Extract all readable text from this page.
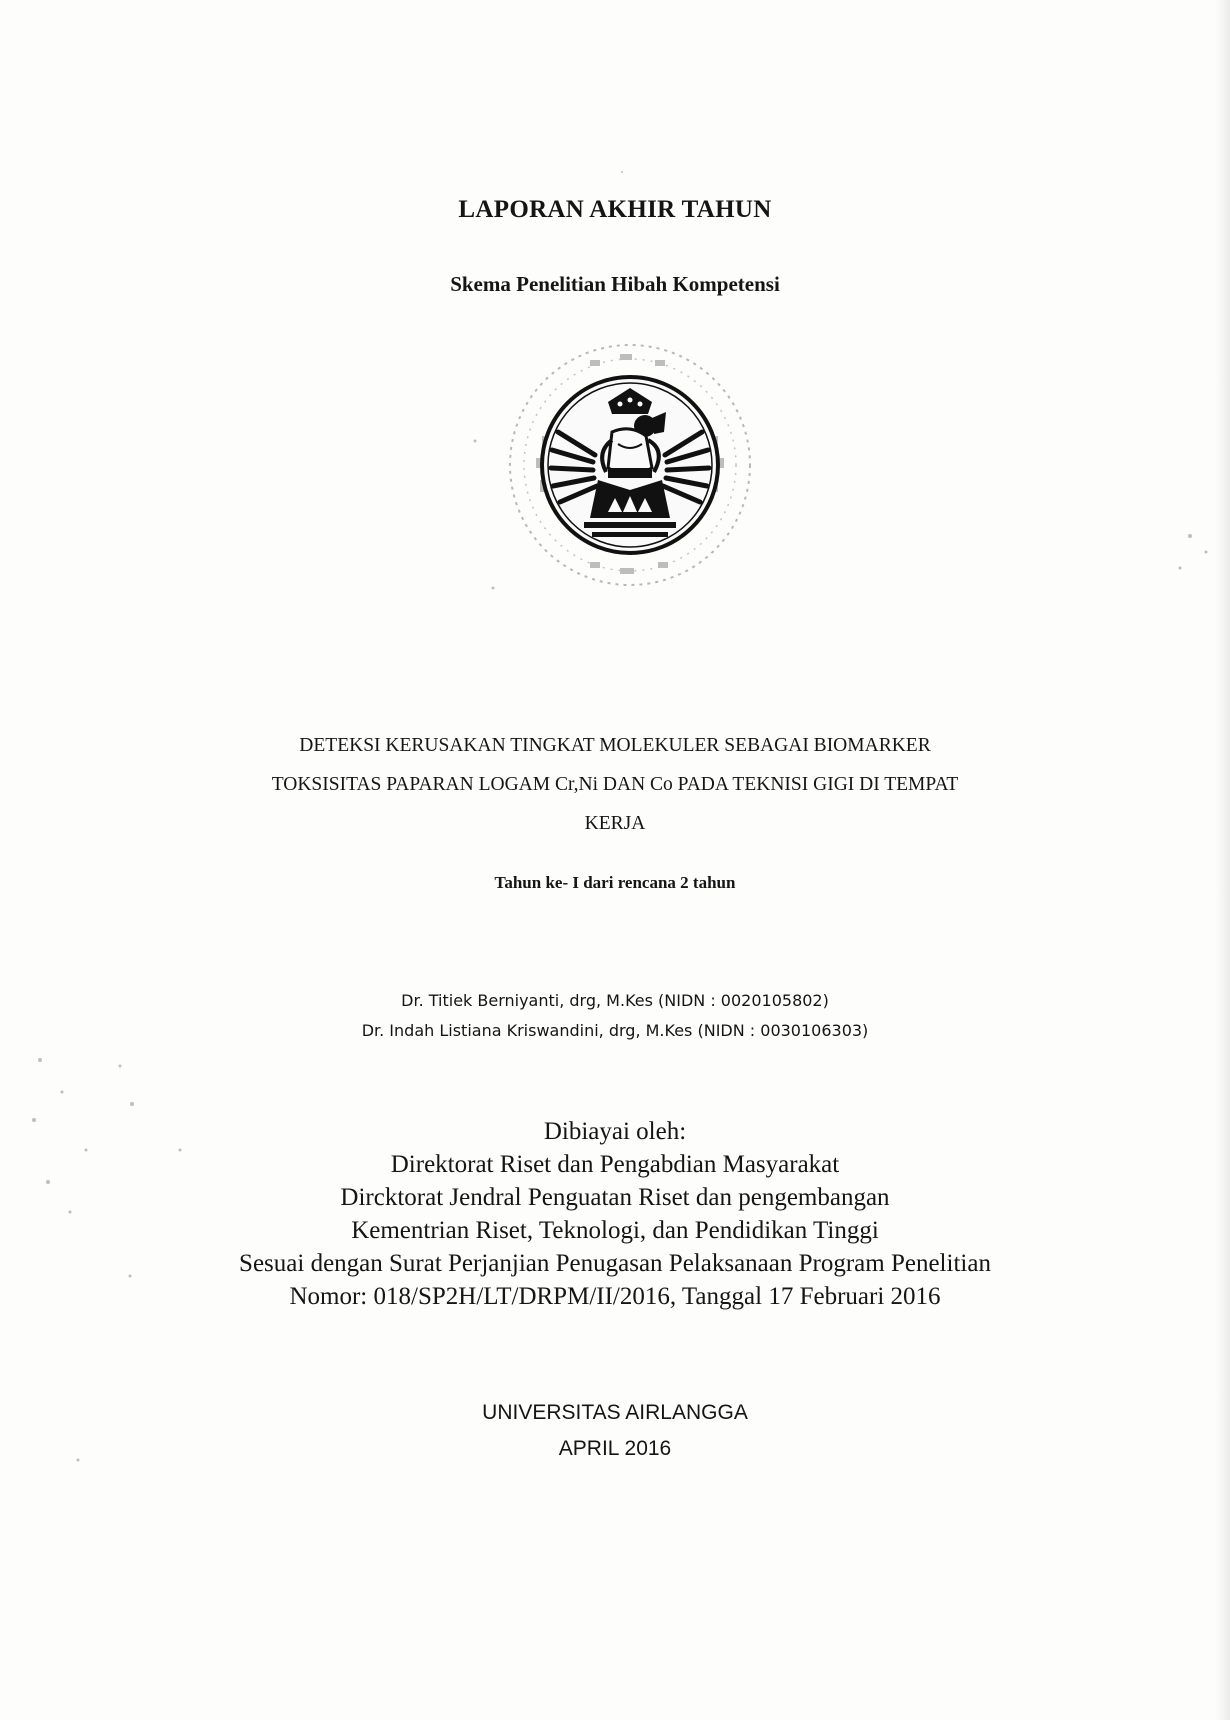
LAPORAN AKHIR TAHUN
Skema Penelitian Hibah Kompetensi
DETEKSI KERUSAKAN TINGKAT MOLEKULER SEBAGAI BIOMARKER
TOKSISITAS PAPARAN LOGAM Cr,Ni DAN Co PADA TEKNISI GIGI DI TEMPAT
KERJA
Tahun ke- I dari rencana 2 tahun
Dr. Titiek Berniyanti, drg, M.Kes (NIDN : 0020105802)
Dr. Indah Listiana Kriswandini, drg, M.Kes (NIDN : 0030106303)
Dibiayai oleh:
Direktorat Riset dan Pengabdian Masyarakat
Dircktorat Jendral Penguatan Riset dan pengembangan
Kementrian Riset, Teknologi, dan Pendidikan Tinggi
Sesuai dengan Surat Perjanjian Penugasan Pelaksanaan Program Penelitian
Nomor: 018/SP2H/LT/DRPM/II/2016, Tanggal 17 Februari 2016
UNIVERSITAS AIRLANGGA
APRIL 2016
